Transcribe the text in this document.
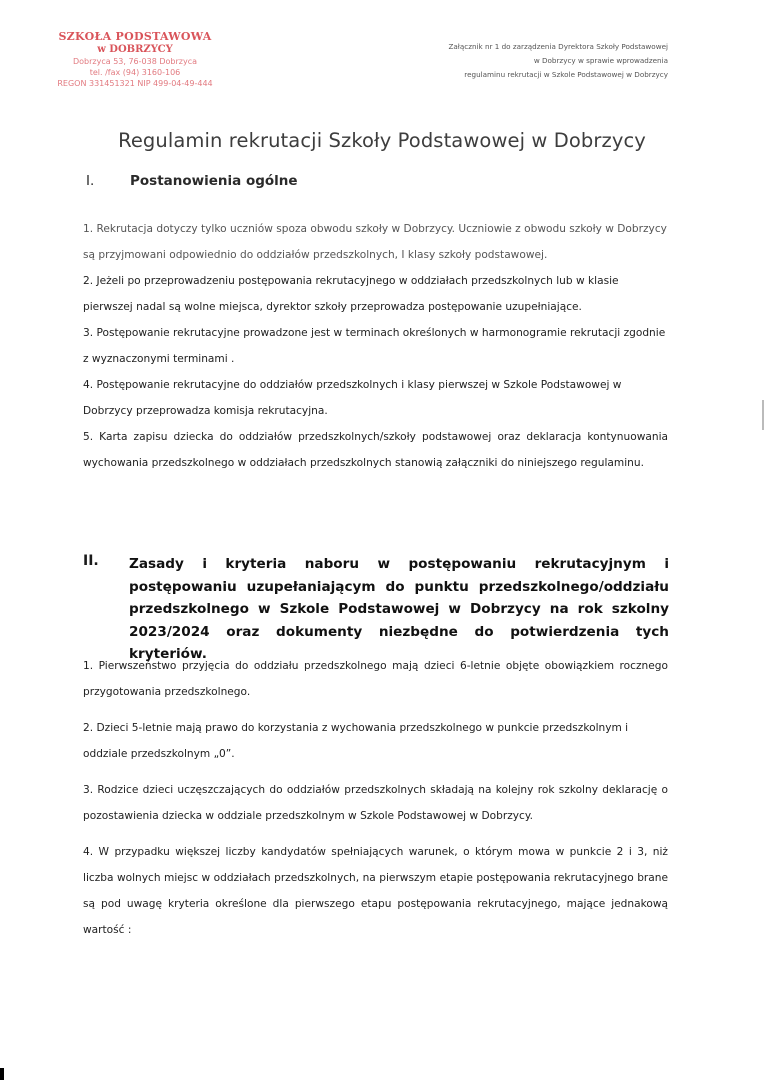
SZKOŁA PODSTAWOWA
w DOBRZYCY
Dobrzyca 53, 76-038 Dobrzyca
tel. /fax (94) 3160-106
REGON 331451321 NIP 499-04-49-444
Załącznik nr 1 do zarządzenia Dyrektora Szkoły Podstawowej
w Dobrzycy w sprawie wprowadzenia
regulaminu rekrutacji w Szkole Podstawowej w Dobrzycy
Regulamin rekrutacji Szkoły Podstawowej w Dobrzycy
I.	Postanowienia ogólne

1. Rekrutacja dotyczy tylko uczniów spoza obwodu szkoły w Dobrzycy. Uczniowie z obwodu szkoły w Dobrzycy są przyjmowani odpowiednio do oddziałów przedszkolnych, I klasy szkoły podstawowej.

2. Jeżeli po przeprowadzeniu postępowania rekrutacyjnego w oddziałach przedszkolnych lub w klasie pierwszej nadal są wolne miejsca, dyrektor szkoły przeprowadza postępowanie uzupełniające.

3. Postępowanie rekrutacyjne prowadzone jest w terminach określonych w harmonogramie rekrutacji zgodnie z wyznaczonymi terminami .

4. Postępowanie rekrutacyjne do oddziałów przedszkolnych i klasy pierwszej w Szkole Podstawowej w Dobrzycy przeprowadza komisja rekrutacyjna.

5. Karta zapisu dziecka do oddziałów przedszkolnych/szkoły podstawowej oraz deklaracja kontynuowania wychowania przedszkolnego w oddziałach przedszkolnych stanowią załączniki do niniejszego regulaminu.

II. Zasady i kryteria naboru w postępowaniu rekrutacyjnym i postępowaniu uzupełaniającym do punktu przedszkolnego/oddziału przedszkolnego w Szkole Podstawowej w Dobrzycy na rok szkolny 2023/2024 oraz dokumenty niezbędne do potwierdzenia tych kryteriów.

1. Pierwszeństwo przyjęcia do oddziału przedszkolnego mają dzieci 6-letnie objęte obowiązkiem rocznego przygotowania przedszkolnego.

2. Dzieci 5-letnie mają prawo do korzystania z wychowania przedszkolnego w punkcie przedszkolnym i oddziale przedszkolnym „0”.

3. Rodzice dzieci uczęszczających do oddziałów przedszkolnych składają na kolejny rok szkolny deklarację o pozostawienia dziecka w oddziale przedszkolnym w Szkole Podstawowej w Dobrzycy.

4. W przypadku większej liczby kandydatów spełniających warunek, o którym mowa w punkcie 2 i 3, niż liczba wolnych miejsc w oddziałach przedszkolnych, na pierwszym etapie postępowania rekrutacyjnego brane są pod uwagę kryteria określone dla pierwszego etapu postępowania rekrutacyjnego, mające jednakową wartość :
